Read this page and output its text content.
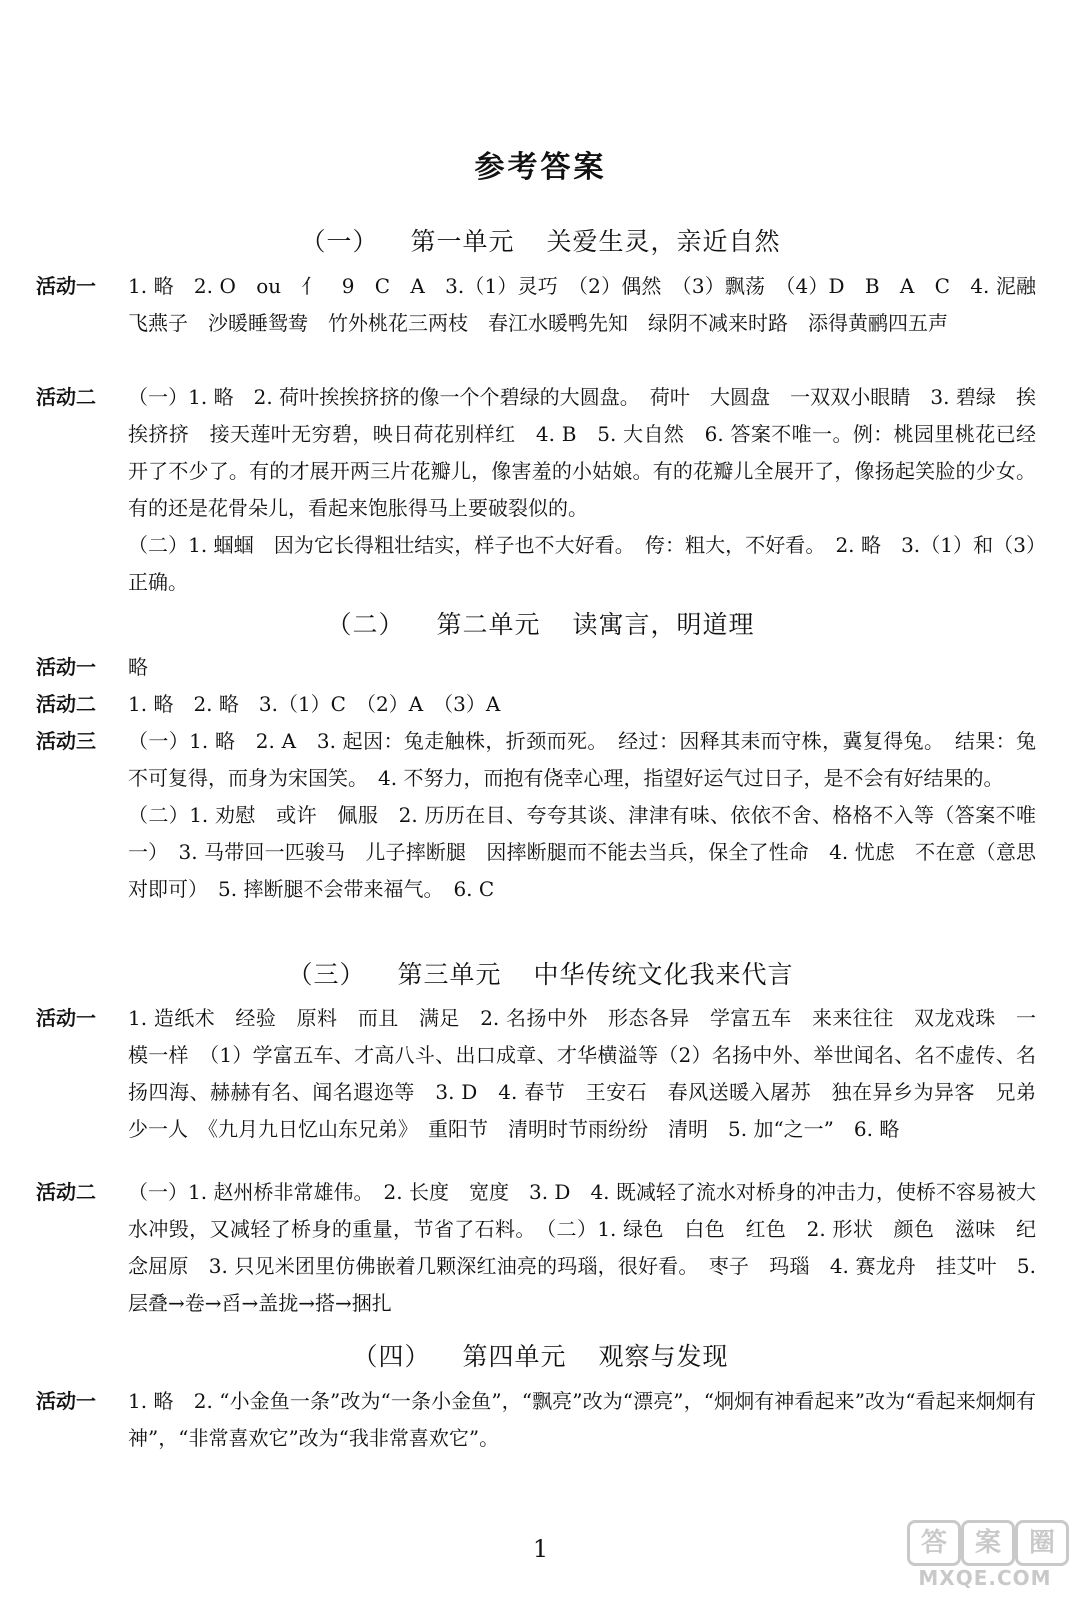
参考答案
（一） 第一单元 关爱生灵，亲近自然
活动一	1. 略　2. O　ou　亻　9　C　A　3.（1）灵巧　（2）偶然　（3）飘荡　（4）D　B　A　C　4. 泥融飞燕子　沙暖睡鸳鸯　竹外桃花三两枝　春江水暖鸭先知　绿阴不减来时路　添得黄鹂四五声

活动二	（一）1. 略　2. 荷叶挨挨挤挤的像一个个碧绿的大圆盘。　荷叶　大圆盘　一双双小眼睛　3. 碧绿　挨挨挤挤　接天莲叶无穷碧，映日荷花别样红　4. B　5. 大自然　6. 答案不唯一。例：桃园里桃花已经开了不少了。有的才展开两三片花瓣儿，像害羞的小姑娘。有的花瓣儿全展开了，像扬起笑脸的少女。有的还是花骨朵儿，看起来饱胀得马上要破裂似的。

（二）1. 蝈蝈　因为它长得粗壮结实，样子也不大好看。　侉：粗大，不好看。　2. 略　3.（1）和（3）正确。

（二） 第二单元 读寓言，明道理
活动一	略

活动二	1. 略　2. 略　3.（1）C　（2）A　（3）A

活动三	（一）1. 略　2. A　3. 起因：兔走触株，折颈而死。　经过：因释其耒而守株，冀复得兔。　结果：兔不可复得，而身为宋国笑。　4. 不努力，而抱有侥幸心理，指望好运气过日子，是不会有好结果的。

（二）1. 劝慰　或许　佩服　2. 历历在目、夸夸其谈、津津有味、依依不舍、格格不入等（答案不唯一）　3. 马带回一匹骏马　儿子摔断腿　因摔断腿而不能去当兵，保全了性命　4. 忧虑　不在意（意思对即可）　5. 摔断腿不会带来福气。　6. C

（三） 第三单元 中华传统文化我来代言
活动一	1. 造纸术　经验　原料　而且　满足　2. 名扬中外　形态各异　学富五车　来来往往　双龙戏珠　一模一样　（1）学富五车、才高八斗、出口成章、才华横溢等（2）名扬中外、举世闻名、名不虚传、名扬四海、赫赫有名、闻名遐迩等　3. D　4. 春节　王安石　春风送暖入屠苏　独在异乡为异客　兄弟　少一人　《九月九日忆山东兄弟》　重阳节　清明时节雨纷纷　清明　5. 加“之一”　6. 略

活动二	（一）1. 赵州桥非常雄伟。　2. 长度　宽度　3. D　4. 既减轻了流水对桥身的冲击力，使桥不容易被大水冲毁，又减轻了桥身的重量，节省了石料。　（二）1. 绿色　白色　红色　2. 形状　颜色　滋味　纪念屈原　3. 只见米团里仿佛嵌着几颗深红油亮的玛瑙，很好看。　枣子　玛瑙　4. 赛龙舟　挂艾叶　5. 层叠→卷→舀→盖拢→搭→捆扎

（四） 第四单元 观察与发现
活动一	1. 略　2. “小金鱼一条”改为“一条小金鱼”，“飘亮”改为“漂亮”，“炯炯有神看起来”改为“看起来炯炯有神”，“非常喜欢它”改为“我非常喜欢它”。

1	答	案	圈
MXQE.COM
